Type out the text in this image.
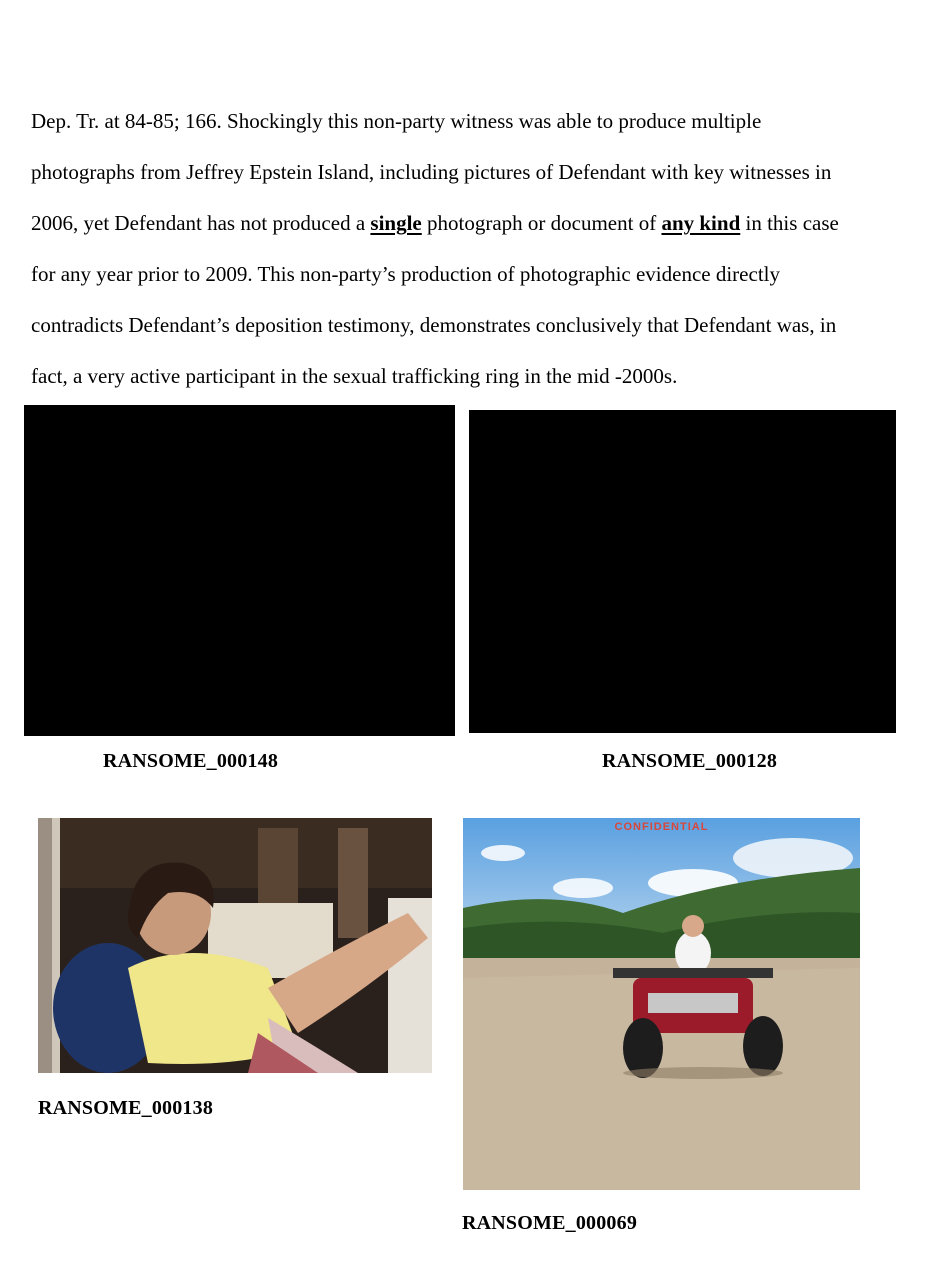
Dep. Tr. at 84-85; 166. Shockingly this non-party witness was able to produce multiple
photographs from Jeffrey Epstein Island, including pictures of Defendant with key witnesses in
2006, yet Defendant has not produced a single photograph or document of any kind in this case
for any year prior to 2009. This non-party’s production of photographic evidence directly
contradicts Defendant’s deposition testimony, demonstrates conclusively that Defendant was, in
fact, a very active participant in the sexual trafficking ring in the mid -2000s.

RANSOME_000148	RANSOME_000128
RANSOME_000138
CONFIDENTIAL
RANSOME_000069
